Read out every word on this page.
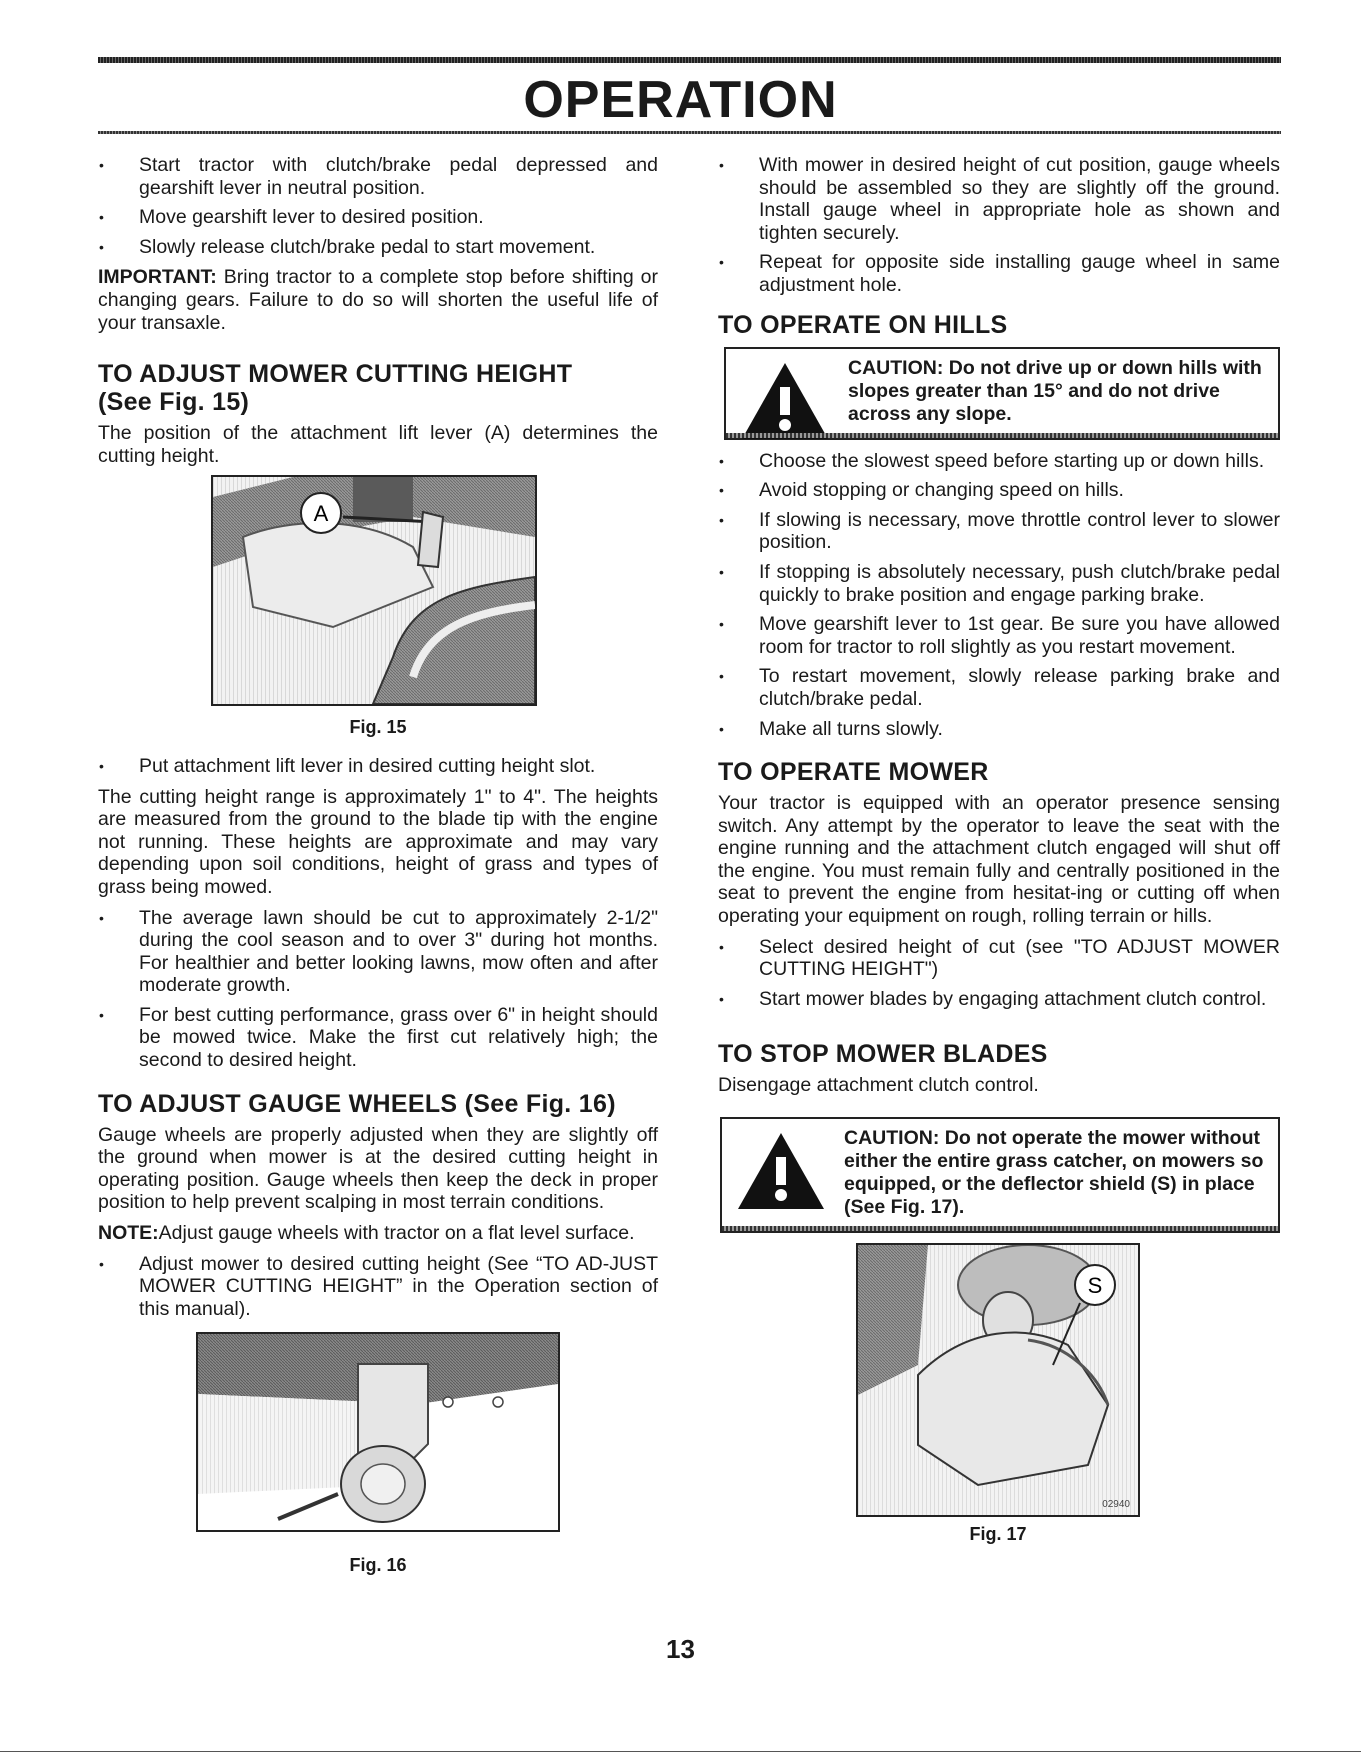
OPERATION
• Start tractor with clutch/brake pedal depressed and gearshift lever in neutral position.
• Move gearshift lever to desired position.
• Slowly release clutch/brake pedal to start movement.

IMPORTANT: Bring tractor to a complete stop before shifting or changing gears. Failure to do so will shorten the useful life of your transaxle.

TO ADJUST MOWER CUTTING HEIGHT
(See Fig. 15)

The position of the attachment lift lever (A) determines the cutting height.

A
Fig. 15
• Put attachment lift lever in desired cutting height slot.

The cutting height range is approximately 1" to 4". The heights are measured from the ground to the blade tip with the engine not running. These heights are approximate and may vary depending upon soil conditions, height of grass and types of grass being mowed.

• The average lawn should be cut to approximately 2-1/2" during the cool season and to over 3" during hot months. For healthier and better looking lawns, mow often and after moderate growth.
• For best cutting performance, grass over 6" in height should be mowed twice. Make the first cut relatively high; the second to desired height.
TO ADJUST GAUGE WHEELS (See Fig. 16)

Gauge wheels are properly adjusted when they are slightly off the ground when mower is at the desired cutting height in operating position. Gauge wheels then keep the deck in proper position to help prevent scalping in most terrain conditions.

NOTE:Adjust gauge wheels with tractor on a flat level surface.

• Adjust mower to desired cutting height (See “TO AD-JUST MOWER CUTTING HEIGHT” in the Operation section of this manual).
Fig. 16
• With mower in desired height of cut position, gauge wheels should be assembled so they are slightly off the ground. Install gauge wheel in appropriate hole as shown and tighten securely.
• Repeat for opposite side installing gauge wheel in same adjustment hole.
TO OPERATE ON HILLS
CAUTION: Do not drive up or down hills with slopes greater than 15° and do not drive across any slope.
• Choose the slowest speed before starting up or down hills.
• Avoid stopping or changing speed on hills.
• If slowing is necessary, move throttle control lever to slower position.
• If stopping is absolutely necessary, push clutch/brake pedal quickly to brake position and engage parking brake.
• Move gearshift lever to 1st gear. Be sure you have allowed room for tractor to roll slightly as you restart movement.
• To restart movement, slowly release parking brake and clutch/brake pedal.
• Make all turns slowly.
TO OPERATE MOWER

Your tractor is equipped with an operator presence sensing switch. Any attempt by the operator to leave the seat with the engine running and the attachment clutch engaged will shut off the engine. You must remain fully and centrally positioned in the seat to prevent the engine from hesitat-ing or cutting off when operating your equipment on rough, rolling terrain or hills.

• Select desired height of cut (see "TO ADJUST MOWER CUTTING HEIGHT")
• Start mower blades by engaging attachment clutch control.
TO STOP MOWER BLADES

Disengage attachment clutch control.

CAUTION: Do not operate the mower without either the entire grass catcher, on mowers so equipped, or the deflector shield (S) in place (See Fig. 17).
S
02940
Fig. 17
13
